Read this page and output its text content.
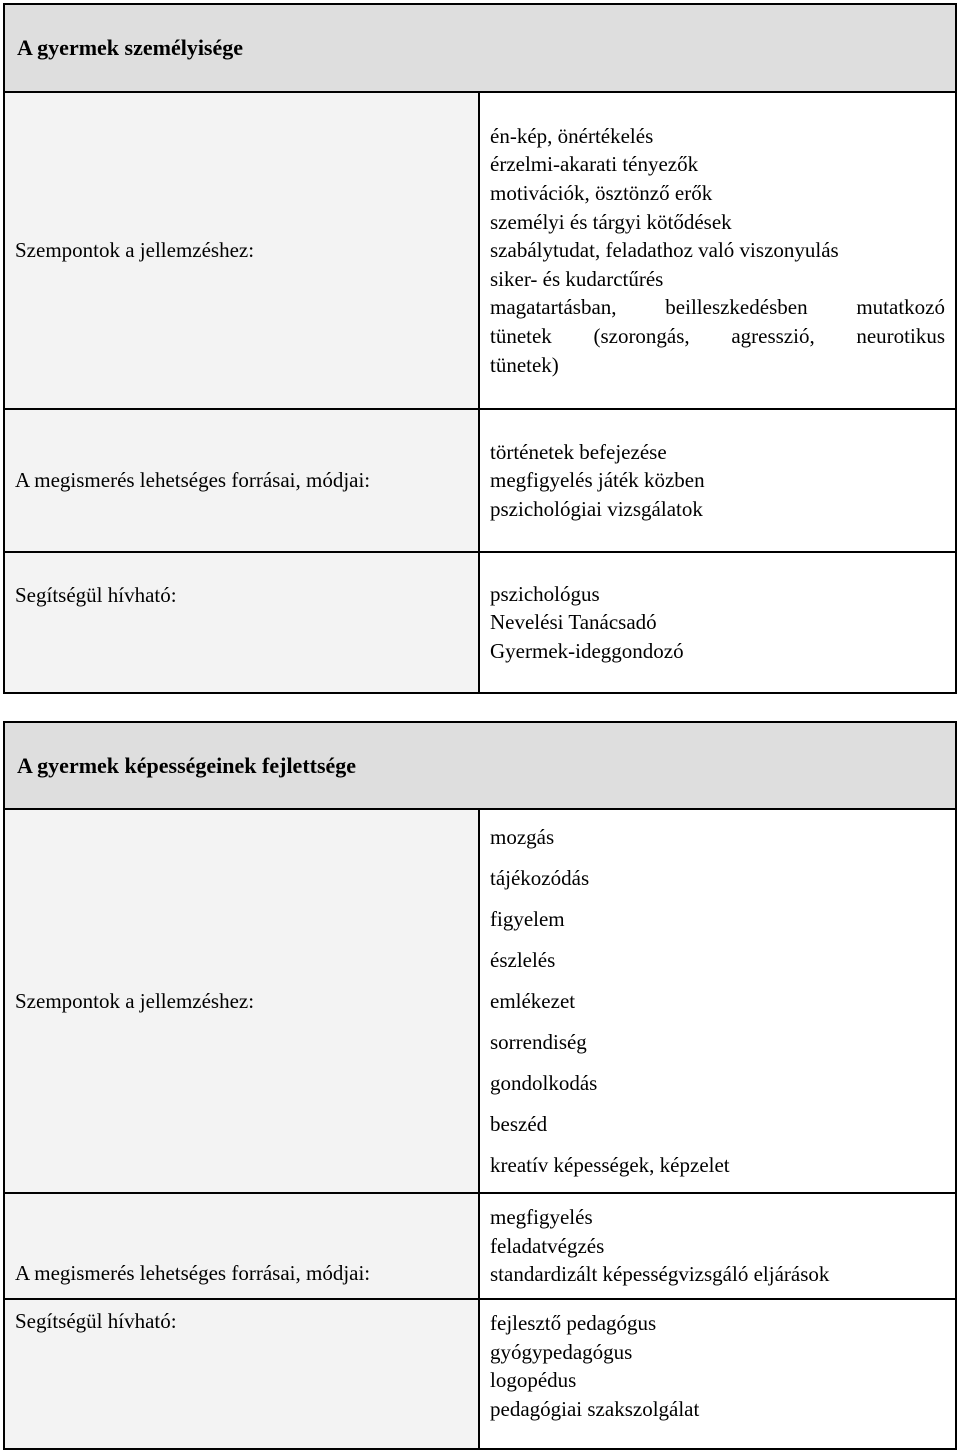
A gyermek személyisége
Szempontok a jellemzéshez:
én-kép, önértékelés
érzelmi-akarati tényezők
motivációk, ösztönző erők
személyi és tárgyi kötődések
szabálytudat, feladathoz való viszonyulás
siker- és kudarctűrés
magatartásban, beilleszkedésben mutatkozó
tünetek (szorongás, agresszió, neurotikus
tünetek)
A megismerés lehetséges forrásai, módjai:
történetek befejezése
megfigyelés játék közben
pszichológiai vizsgálatok
Segítségül hívható:	pszichológus
Nevelési Tanácsadó
Gyermek-ideggondozó
A gyermek képességeinek fejlettsége
Szempontok a jellemzéshez:
mozgás
tájékozódás
figyelem
észlelés
emlékezet
sorrendiség
gondolkodás
beszéd
kreatív képességek, képzelet
A megismerés lehetséges forrásai, módjai:
megfigyelés
feladatvégzés
standardizált képességvizsgáló eljárások
Segítségül hívható:	fejlesztő pedagógus
gyógypedagógus
logopédus
pedagógiai szakszolgálat
